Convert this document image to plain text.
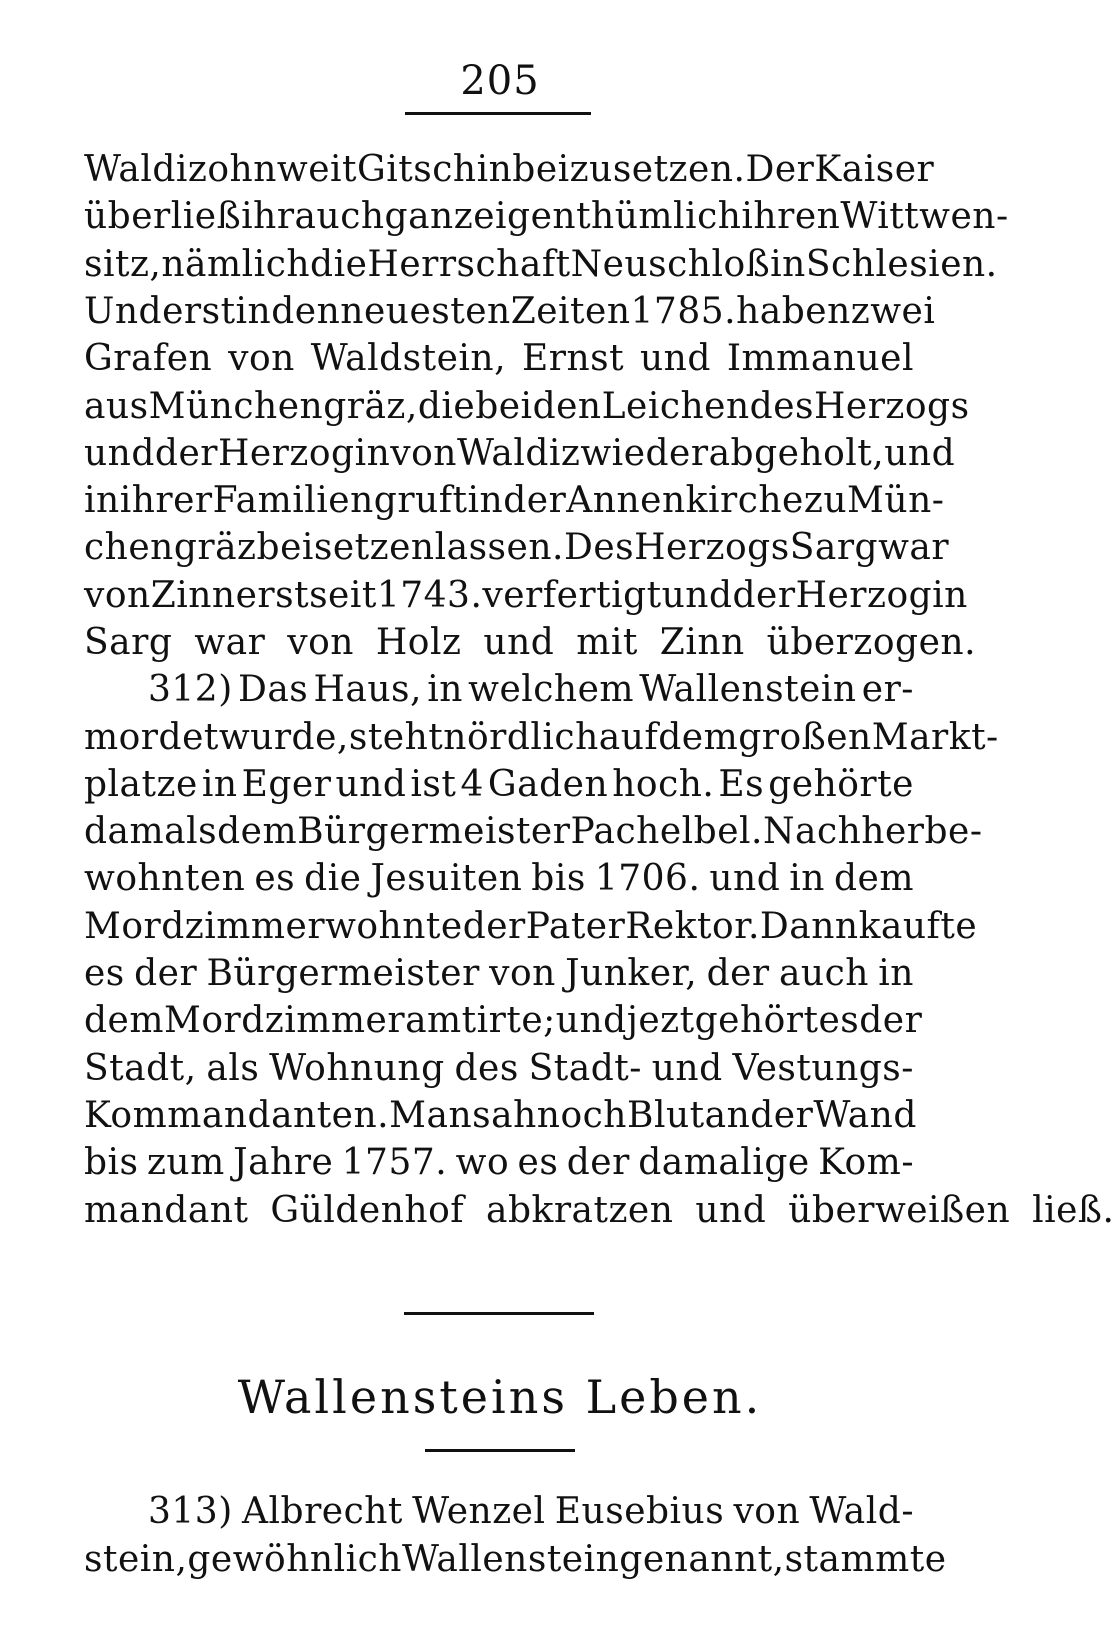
205
Waldiz ohnweit Gitschin beizusetzen. Der Kaiser
überließ ihr auch ganz eigenthümlich ihren Wittwen-
sitz, nämlich die Herrschaft Neuschloß in Schlesien.
Und erst in den neuesten Zeiten 1785. haben zwei
Grafen von Waldstein, Ernst und Immanuel
aus Münchengräz, die beiden Leichen des Herzogs
und der Herzogin von Waldiz wieder abgeholt, und
in ihrer Familiengruft in der Annenkirche zu Mün-
chengräz beisetzen lassen. Des Herzogs Sarg war
von Zinn erst seit 1743. verfertigt und der Herzogin
Sarg war von Holz und mit Zinn überzogen.
312) Das Haus, in welchem Wallenstein er-
mordet wurde, steht nördlich auf dem großen Markt-
platze in Eger und ist 4 Gaden hoch. Es gehörte
damals dem Bürgermeister Pachelbel. Nachher be-
wohnten es die Jesuiten bis 1706. und in dem
Mordzimmer wohnte der Pater Rektor. Dann kaufte
es der Bürgermeister von Junker, der auch in
dem Mordzimmer amtirte; und jezt gehört es der
Stadt, als Wohnung des Stadt- und Vestungs-
Kommandanten. Man sah noch Blut an der Wand
bis zum Jahre 1757. wo es der damalige Kom-
mandant Güldenhof abkratzen und überweißen ließ.
Wallensteins Leben.
313) Albrecht Wenzel Eusebius von Wald-
stein, gewöhnlich Wallenstein genannt, stammte
